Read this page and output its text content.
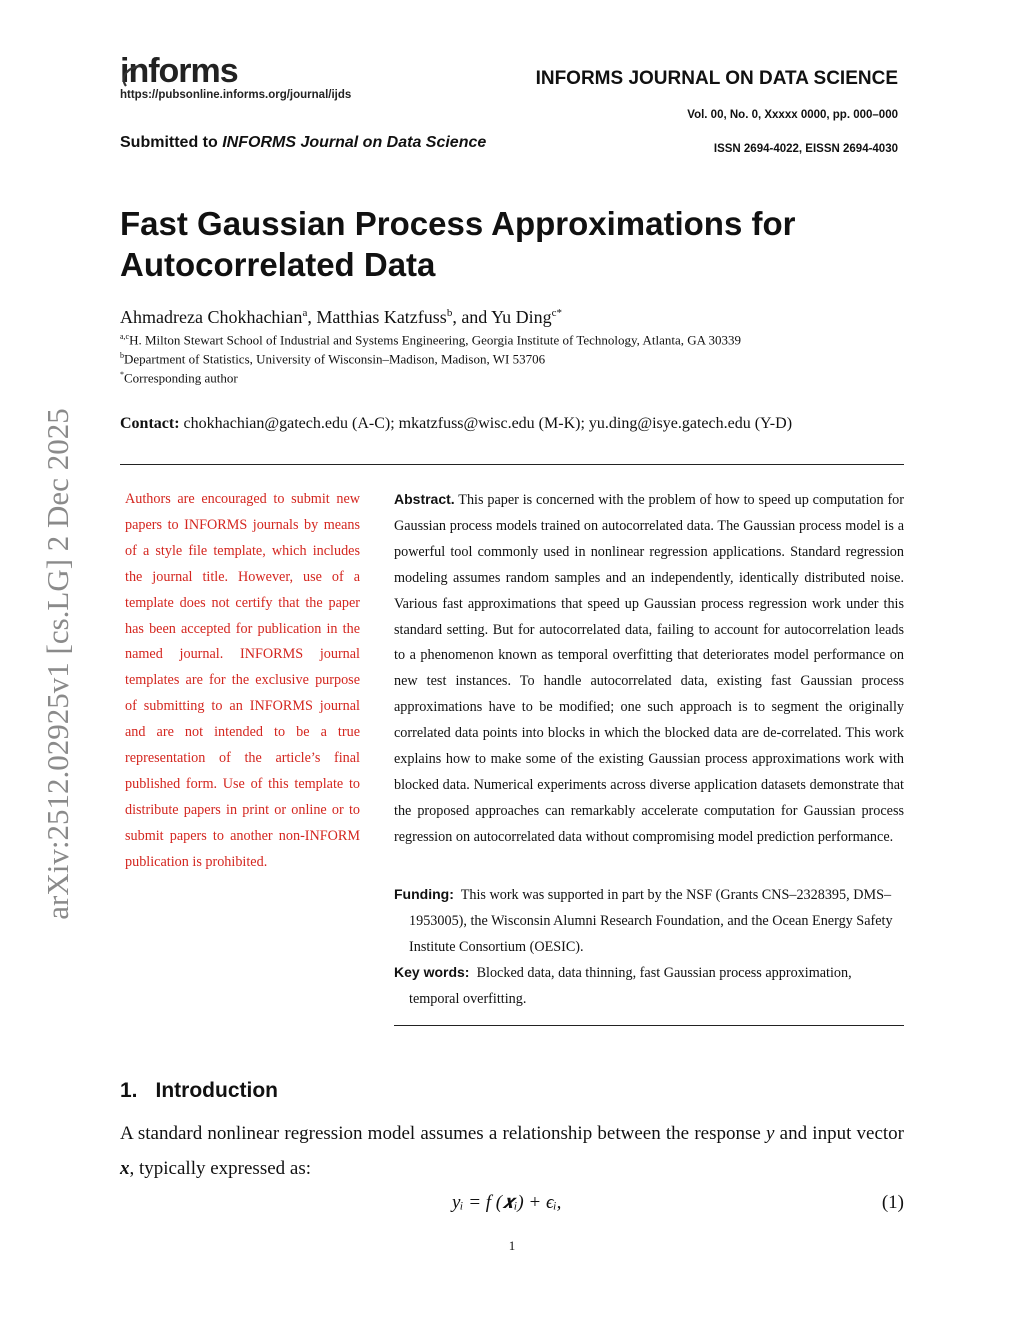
informs
https://pubsonline.informs.org/journal/ijds
INFORMS JOURNAL ON DATA SCIENCE
Vol. 00, No. 0, Xxxxx 0000, pp. 000–000
Submitted to INFORMS Journal on Data Science	ISSN 2694-4022, EISSN 2694-4030
Fast Gaussian Process Approximations for Autocorrelated Data
Ahmadreza Chokhachian$^a$, Matthias Katzfuss$^b$, and Yu Ding$^{c*}$
$^{a,c}$H. Milton Stewart School of Industrial and Systems Engineering, Georgia Institute of Technology, Atlanta, GA 30339
$^b$Department of Statistics, University of Wisconsin–Madison, Madison, WI 53706
*Corresponding author
Contact: chokhachian@gatech.edu (A-C); mkatzfuss@wisc.edu (M-K); yu.ding@isye.gatech.edu (Y-D)
Authors are encouraged to submit new papers to INFORMS journals by means of a style file template, which includes the journal title. However, use of a template does not certify that the paper has been accepted for publication in the named journal. INFORMS journal templates are for the exclusive purpose of submitting to an INFORMS journal and are not intended to be a true representation of the article’s final published form. Use of this template to distribute papers in print or online or to submit papers to another non-INFORM publication is prohibited.
Abstract. This paper is concerned with the problem of how to speed up computation for Gaussian process models trained on autocorrelated data. The Gaussian process model is a powerful tool commonly used in nonlinear regression applications. Standard regression modeling assumes random samples and an independently, identically distributed noise. Various fast approximations that speed up Gaussian process regression work under this standard setting. But for autocorrelated data, failing to account for autocorrelation leads to a phenomenon known as temporal overfitting that deteriorates model performance on new test instances. To handle autocorrelated data, existing fast Gaussian process approximations have to be modified; one such approach is to segment the originally correlated data points into blocks in which the blocked data are de-correlated. This work explains how to make some of the existing Gaussian process approximations work with blocked data. Numerical experiments across diverse application datasets demonstrate that the proposed approaches can remarkably accelerate computation for Gaussian process regression on autocorrelated data without compromising model prediction performance.
Funding: This work was supported in part by the NSF (Grants CNS–2328395, DMS–1953005), the Wisconsin Alumni Research Foundation, and the Ocean Energy Safety Institute Consortium (OESIC).
Key words: Blocked data, data thinning, fast Gaussian process approximation, temporal overfitting.
1. Introduction
A standard nonlinear regression model assumes a relationship between the response y and input vector x, typically expressed as:
yᵢ = f (𝒙ᵢ) + ϵᵢ,	(1)
1
arXiv:2512.02925v1 [cs.LG] 2 Dec 2025
